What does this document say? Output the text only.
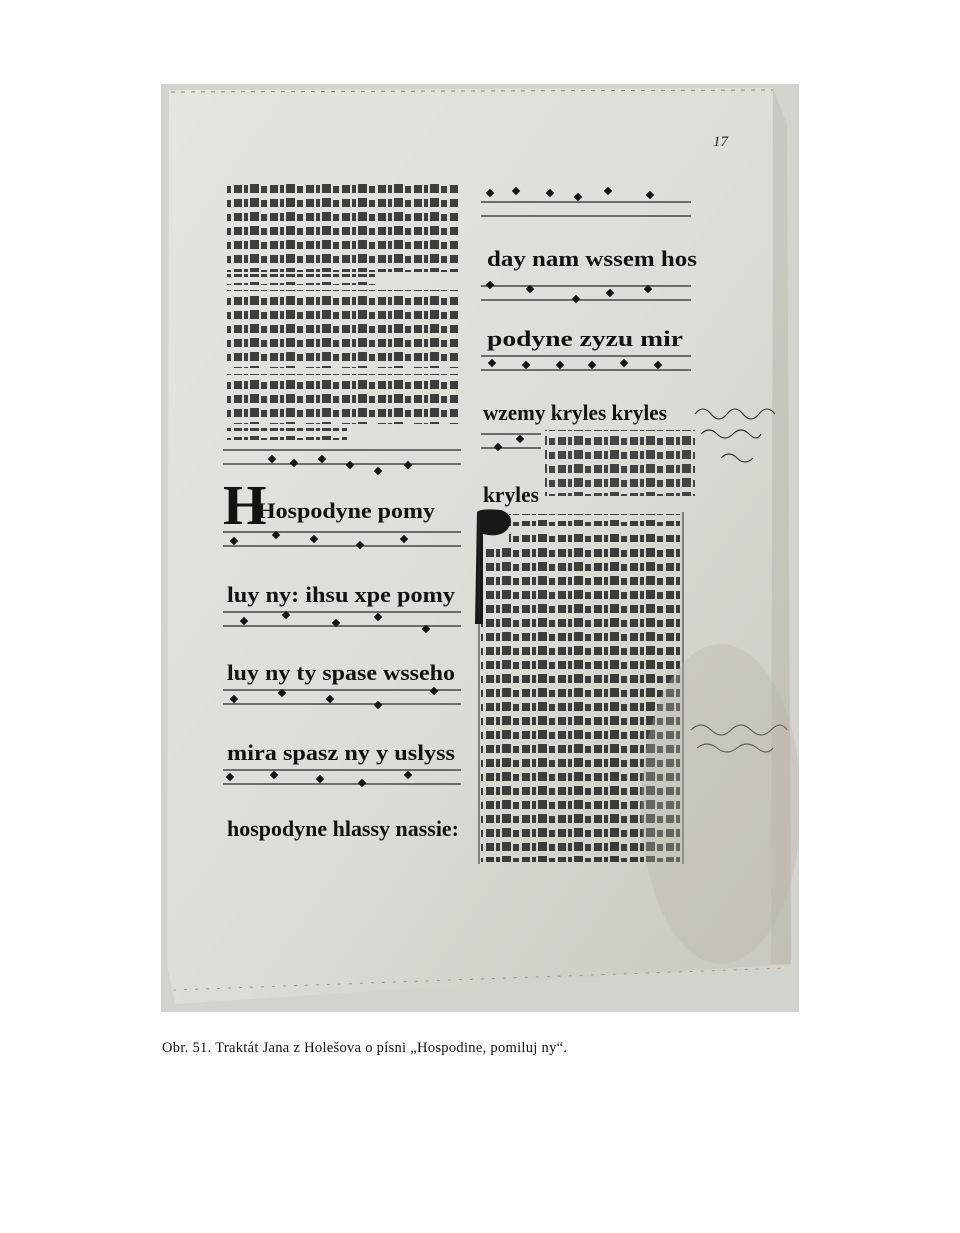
17
H
Hospodyne pomy
luy ny: ihsu xpe pomy
luy ny ty spase wsseho
mira spasz ny y uslyss
hospodyne hlassy nassie:
day nam wssem hos
podyne zyzu mir
wzemy kryles kryles
kryles

Obr. 51. Traktát Jana z Holešova o písni „Hospodine, pomiluj ny“.
